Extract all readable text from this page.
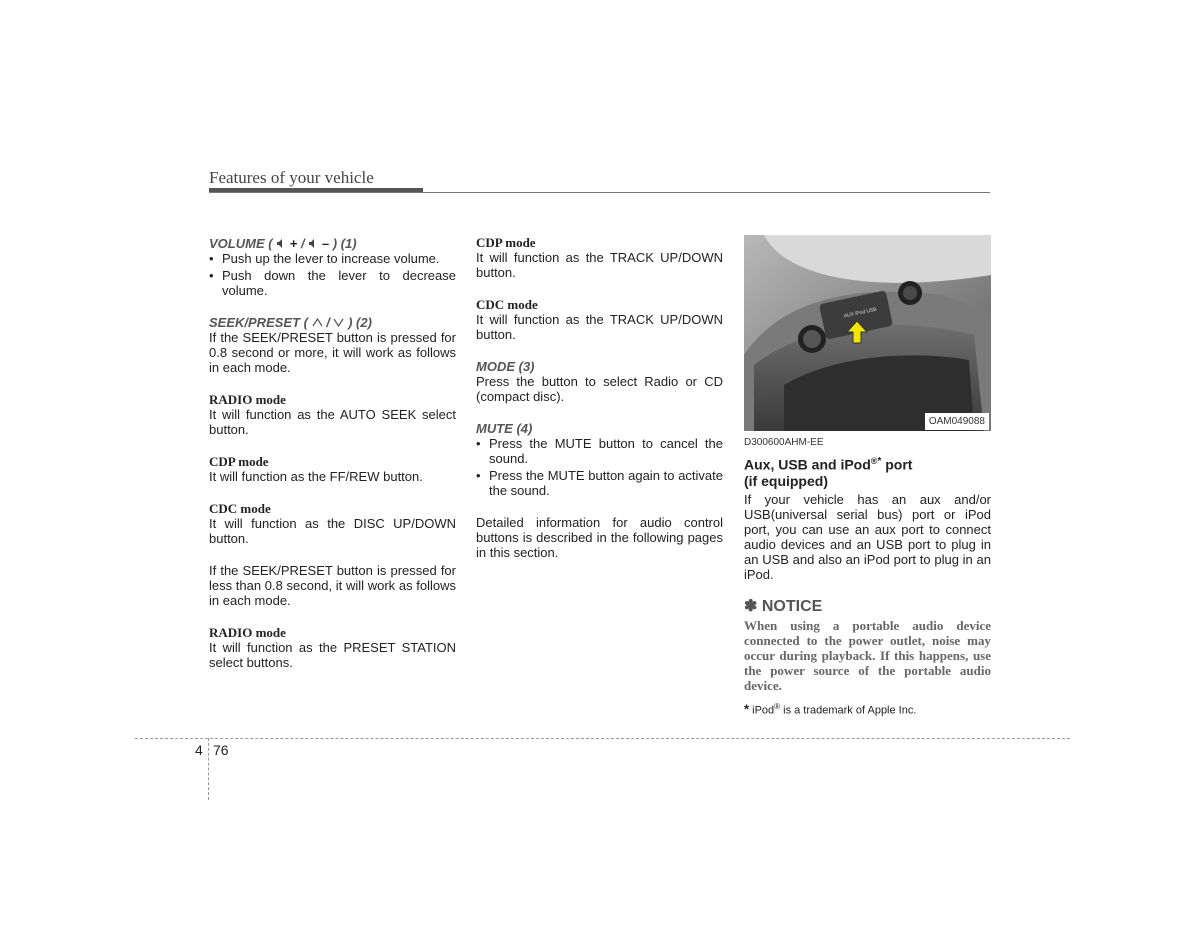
Features of your vehicle

VOLUME ( + / – ) (1)

• Push up the lever to increase volume.
• Push down the lever to decrease volume.

SEEK/PRESET ( / ) (2)

If the SEEK/PRESET button is pressed for 0.8 second or more, it will work as follows in each mode.

RADIO mode

It will function as the AUTO SEEK select button.

CDP mode

It will function as the FF/REW button.

CDC mode

It will function as the DISC UP/DOWN button.

If the SEEK/PRESET button is pressed for less than 0.8 second, it will work as follows in each mode.

RADIO mode

It will function as the PRESET STATION select buttons.

CDP mode

It will function as the TRACK UP/DOWN button.

CDC mode

It will function as the TRACK UP/DOWN button.

MODE (3)

Press the button to select Radio or CD (compact disc).

MUTE (4)

• Press the MUTE button to cancel the sound.
• Press the MUTE button again to activate the sound.

Detailed information for audio control buttons is described in the following pages in this section.

AUX iPod USB
OAM049088

D300600AHM-EE

Aux, USB and iPod®* port
(if equipped)

If your vehicle has an aux and/or USB(universal serial bus) port or iPod port, you can use an aux port to connect audio devices and an USB port to plug in an USB and also an iPod port to plug in an iPod.

✽ NOTICE

When using a portable audio device connected to the power outlet, noise may occur during playback. If this happens, use the power source of the portable audio device.

* iPod® is a trademark of Apple Inc.

4 76
